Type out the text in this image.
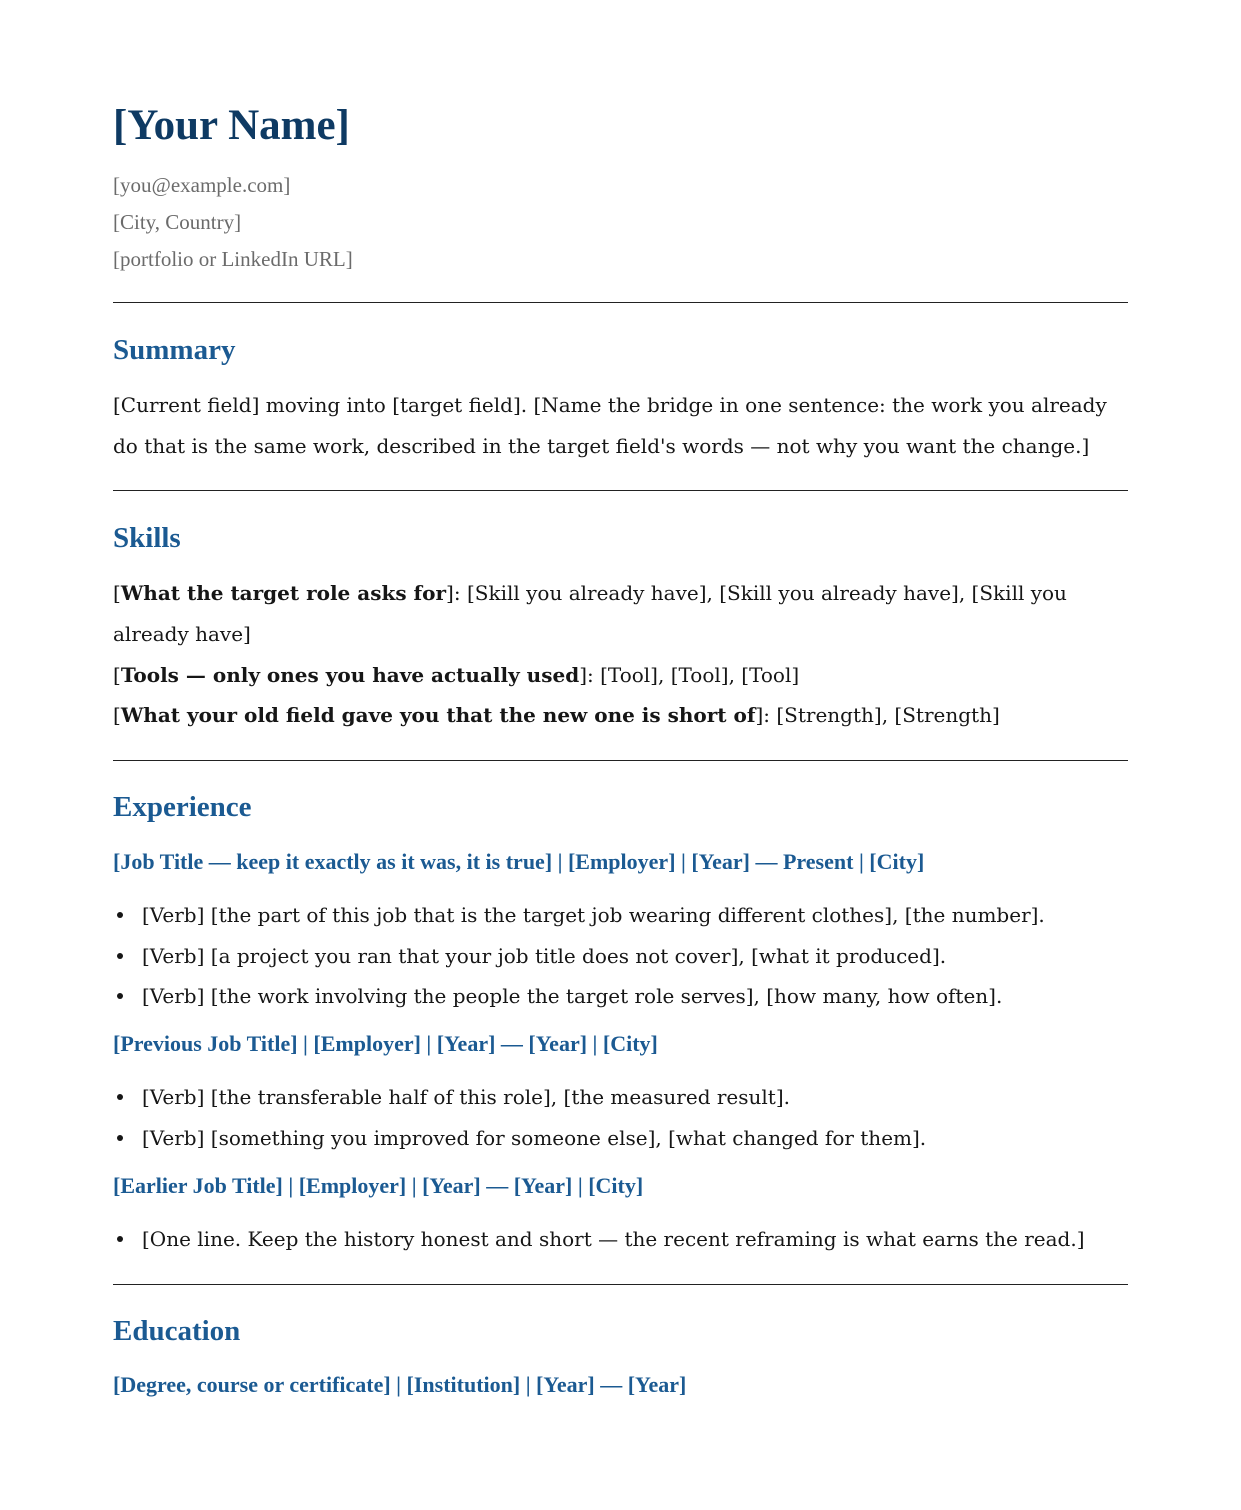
[Your Name]
[you@example.com]
[City, Country]
[portfolio or LinkedIn URL]
Summary

[Current field] moving into [target field]. [Name the bridge in one sentence: the work you already do that is the same work, described in the target field's words — not why you want the change.]

Skills
[What the target role asks for]: [Skill you already have], [Skill you already have], [Skill you
already have]
[Tools — only ones you have actually used]: [Tool], [Tool], [Tool]
[What your old field gave you that the new one is short of]: [Strength], [Strength]
Experience
[Job Title — keep it exactly as it was, it is true] | [Employer] | [Year] — Present | [City]
[Verb] [the part of this job that is the target job wearing different clothes], [the number].
[Verb] [a project you ran that your job title does not cover], [what it produced].
[Verb] [the work involving the people the target role serves], [how many, how often].
[Previous Job Title] | [Employer] | [Year] — [Year] | [City]
[Verb] [the transferable half of this role], [the measured result].
[Verb] [something you improved for someone else], [what changed for them].
[Earlier Job Title] | [Employer] | [Year] — [Year] | [City]
[One line. Keep the history honest and short — the recent reframing is what earns the read.]
Education
[Degree, course or certificate] | [Institution] | [Year] — [Year]
